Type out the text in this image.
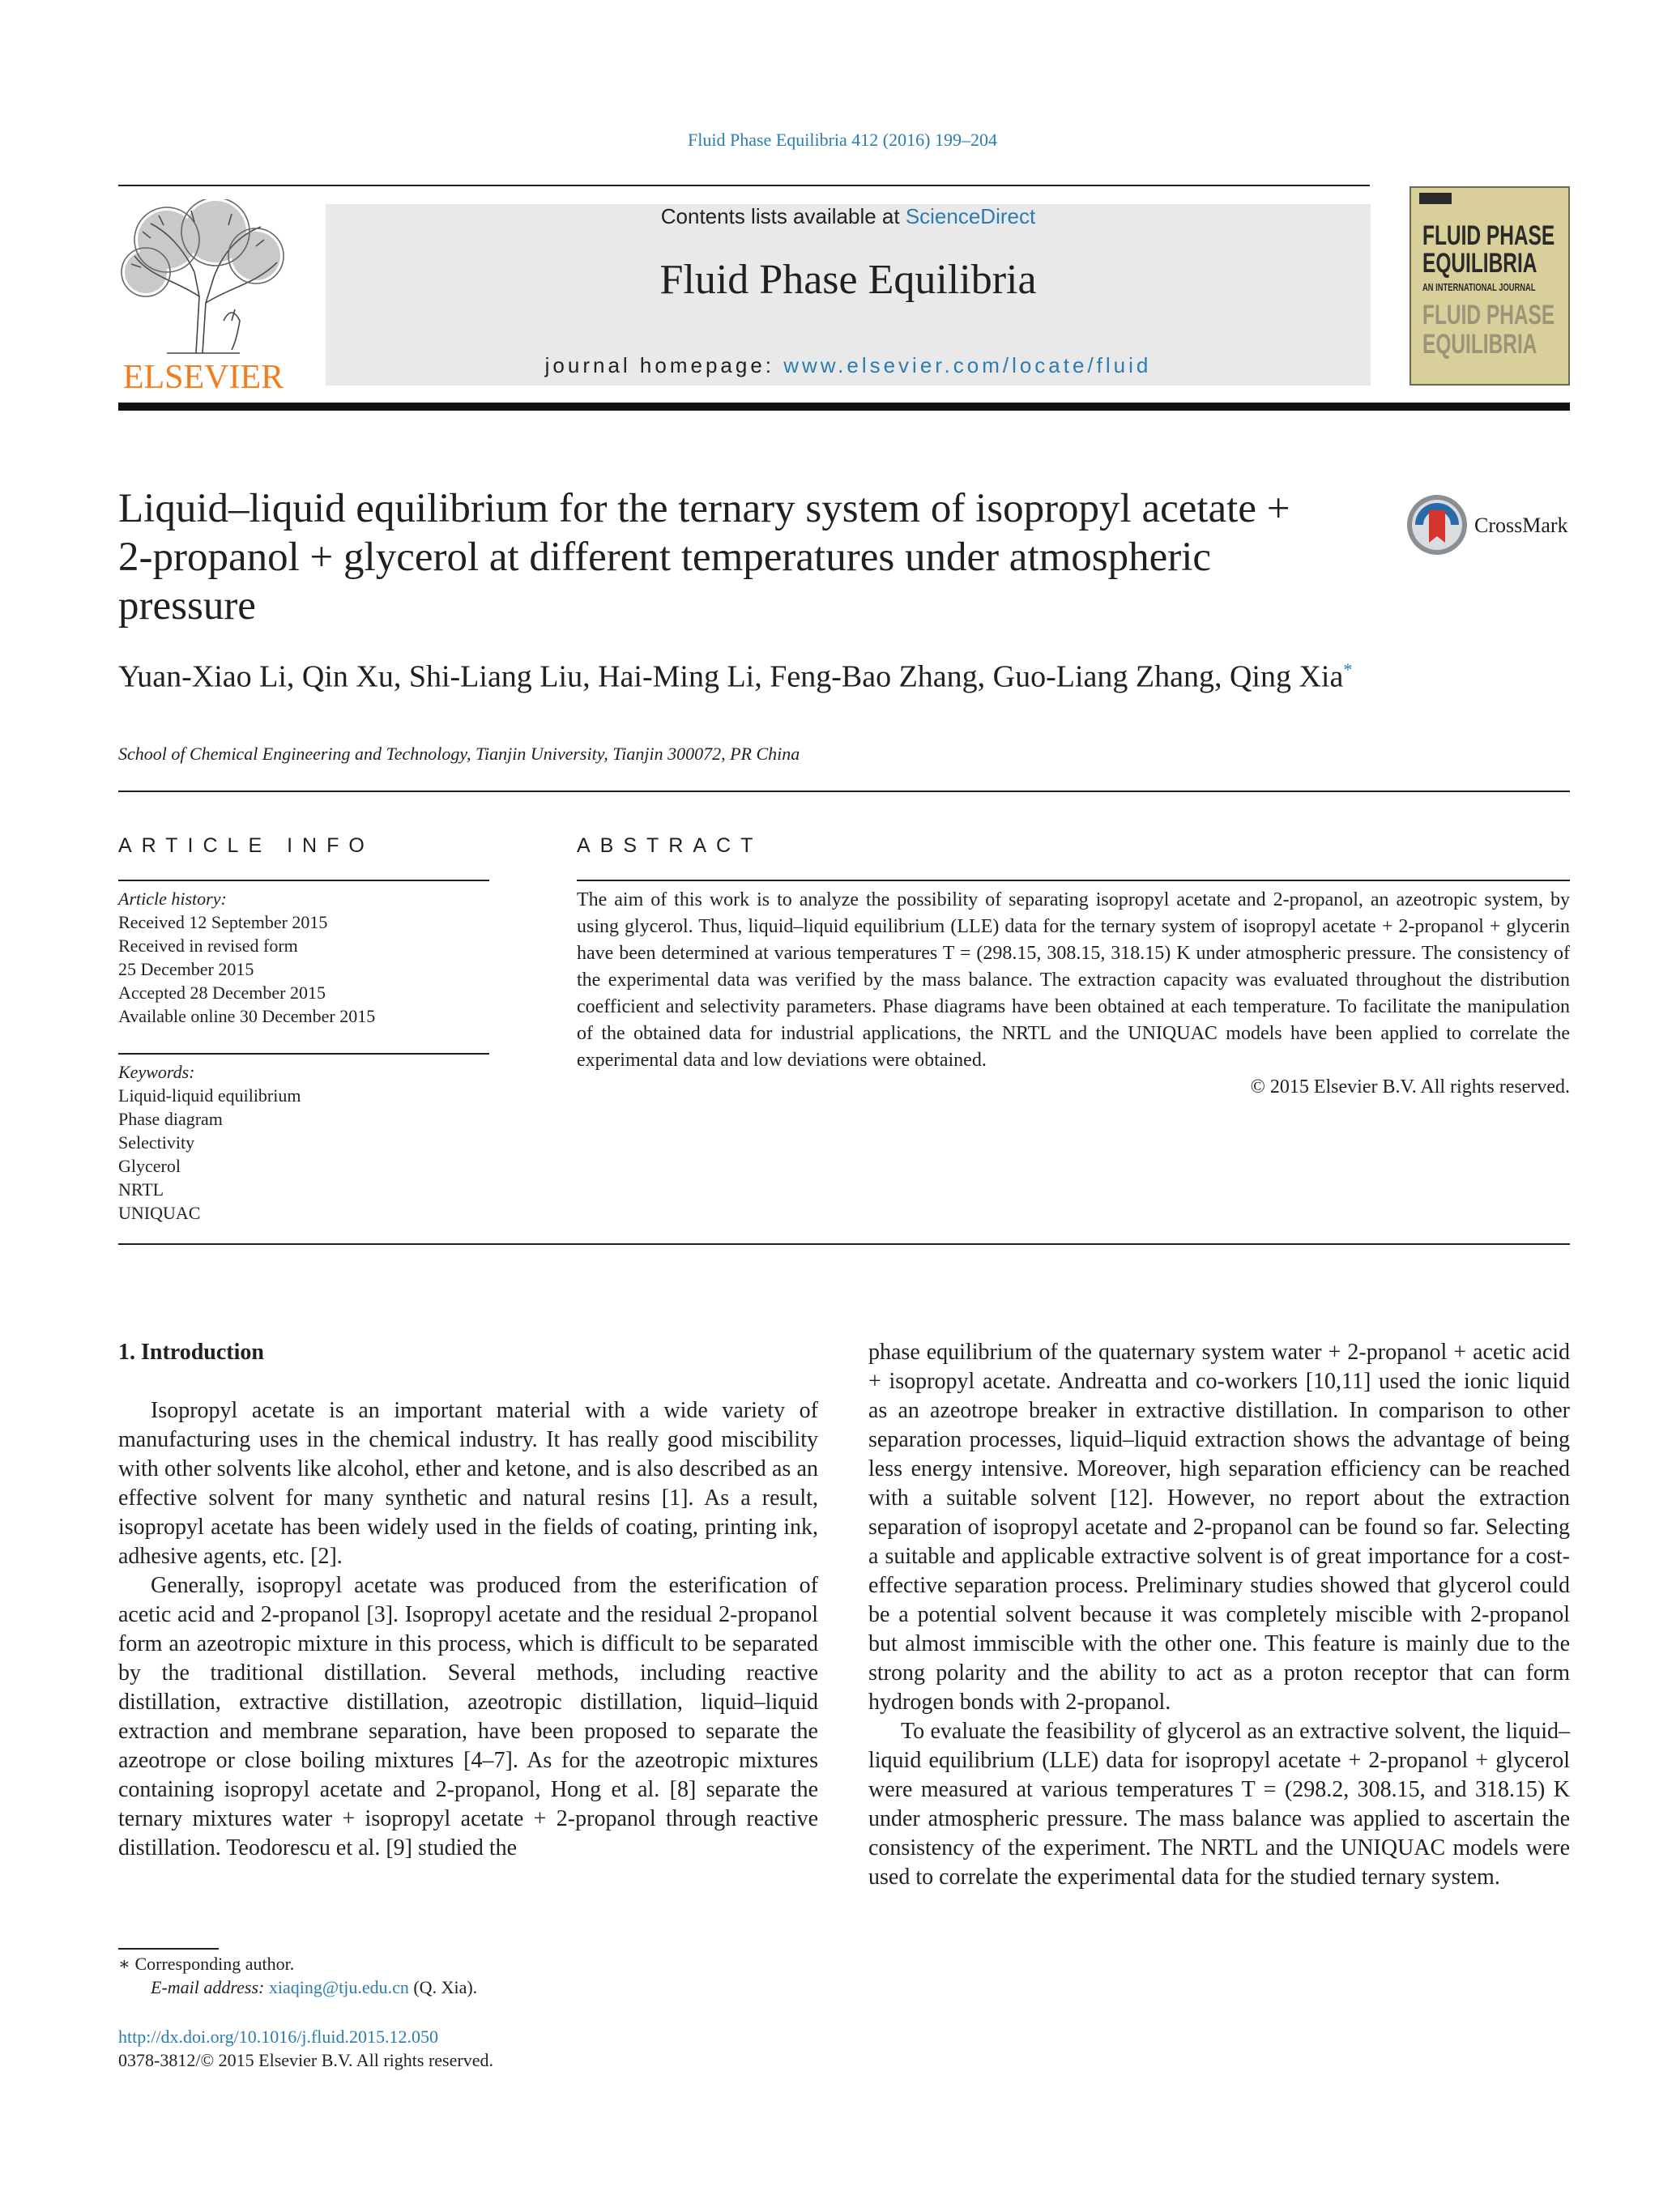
Fluid Phase Equilibria 412 (2016) 199–204
ELSEVIER
Contents lists available at ScienceDirect
Fluid Phase Equilibria
journal homepage: www.elsevier.com/locate/fluid
FLUID PHASE
EQUILIBRIA
AN INTERNATIONAL JOURNAL
FLUID PHASE
EQUILIBRIA
Liquid–liquid equilibrium for the ternary system of isopropyl acetate + 2-propanol + glycerol at different temperatures under atmospheric pressure
CrossMark
Yuan-Xiao Li, Qin Xu, Shi-Liang Liu, Hai-Ming Li, Feng-Bao Zhang, Guo-Liang Zhang, Qing Xia*
School of Chemical Engineering and Technology, Tianjin University, Tianjin 300072, PR China
ARTICLE INFO	ABSTRACT
Article history:
Received 12 September 2015
Received in revised form
25 December 2015
Accepted 28 December 2015
Available online 30 December 2015
Keywords:
Liquid-liquid equilibrium
Phase diagram
Selectivity
Glycerol
NRTL
UNIQUAC
The aim of this work is to analyze the possibility of separating isopropyl acetate and 2-propanol, an azeotropic system, by using glycerol. Thus, liquid–liquid equilibrium (LLE) data for the ternary system of isopropyl acetate + 2-propanol + glycerin have been determined at various temperatures T = (298.15, 308.15, 318.15) K under atmospheric pressure. The consistency of the experimental data was verified by the mass balance. The extraction capacity was evaluated throughout the distribution coefficient and selectivity parameters. Phase diagrams have been obtained at each temperature. To facilitate the manipulation of the obtained data for industrial applications, the NRTL and the UNIQUAC models have been applied to correlate the experimental data and low deviations were obtained.
© 2015 Elsevier B.V. All rights reserved.
1. Introduction

Isopropyl acetate is an important material with a wide variety of manufacturing uses in the chemical industry. It has really good miscibility with other solvents like alcohol, ether and ketone, and is also described as an effective solvent for many synthetic and natural resins [1]. As a result, isopropyl acetate has been widely used in the fields of coating, printing ink, adhesive agents, etc. [2].

Generally, isopropyl acetate was produced from the esterification of acetic acid and 2-propanol [3]. Isopropyl acetate and the residual 2-propanol form an azeotropic mixture in this process, which is difficult to be separated by the traditional distillation. Several methods, including reactive distillation, extractive distillation, azeotropic distillation, liquid–liquid extraction and membrane separation, have been proposed to separate the azeotrope or close boiling mixtures [4–7]. As for the azeotropic mixtures containing isopropyl acetate and 2-propanol, Hong et al. [8] separate the ternary mixtures water + isopropyl acetate + 2-propanol through reactive distillation. Teodorescu et al. [9] studied the

phase equilibrium of the quaternary system water + 2-propanol + acetic acid + isopropyl acetate. Andreatta and co-workers [10,11] used the ionic liquid as an azeotrope breaker in extractive distillation. In comparison to other separation processes, liquid–liquid extraction shows the advantage of being less energy intensive. Moreover, high separation efficiency can be reached with a suitable solvent [12]. However, no report about the extraction separation of isopropyl acetate and 2-propanol can be found so far. Selecting a suitable and applicable extractive solvent is of great importance for a cost-effective separation process. Preliminary studies showed that glycerol could be a potential solvent because it was completely miscible with 2-propanol but almost immiscible with the other one. This feature is mainly due to the strong polarity and the ability to act as a proton receptor that can form hydrogen bonds with 2-propanol.

To evaluate the feasibility of glycerol as an extractive solvent, the liquid–liquid equilibrium (LLE) data for isopropyl acetate + 2-propanol + glycerol were measured at various temperatures T = (298.2, 308.15, and 318.15) K under atmospheric pressure. The mass balance was applied to ascertain the consistency of the experiment. The NRTL and the UNIQUAC models were used to correlate the experimental data for the studied ternary system.

∗ Corresponding author.
E-mail address: xiaqing@tju.edu.cn (Q. Xia).
http://dx.doi.org/10.1016/j.fluid.2015.12.050
0378-3812/© 2015 Elsevier B.V. All rights reserved.
